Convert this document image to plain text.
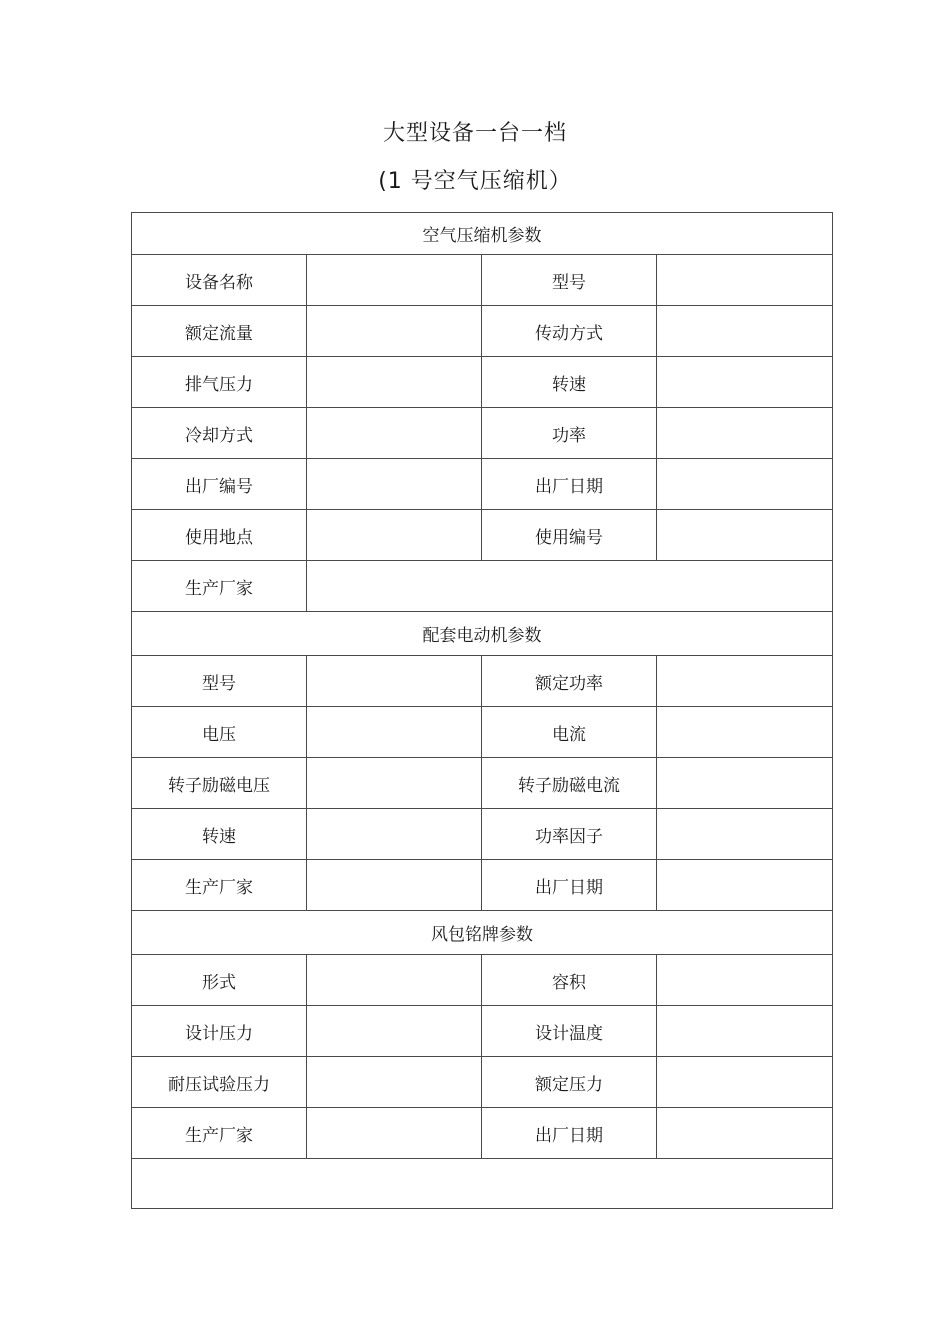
大型设备一台一档
(1 号空气压缩机）
空气压缩机参数			
设备名称		型号	
额定流量		传动方式	
排气压力		转速	
冷却方式		功率	
出厂编号		出厂日期	
使用地点		使用编号	
生产厂家			
配套电动机参数			
型号		额定功率	
电压		电流	
转子励磁电压		转子励磁电流	
转速		功率因子	
生产厂家		出厂日期	
风包铭牌参数			
形式		容积	
设计压力		设计温度	
耐压试验压力		额定压力	
生产厂家		出厂日期	
